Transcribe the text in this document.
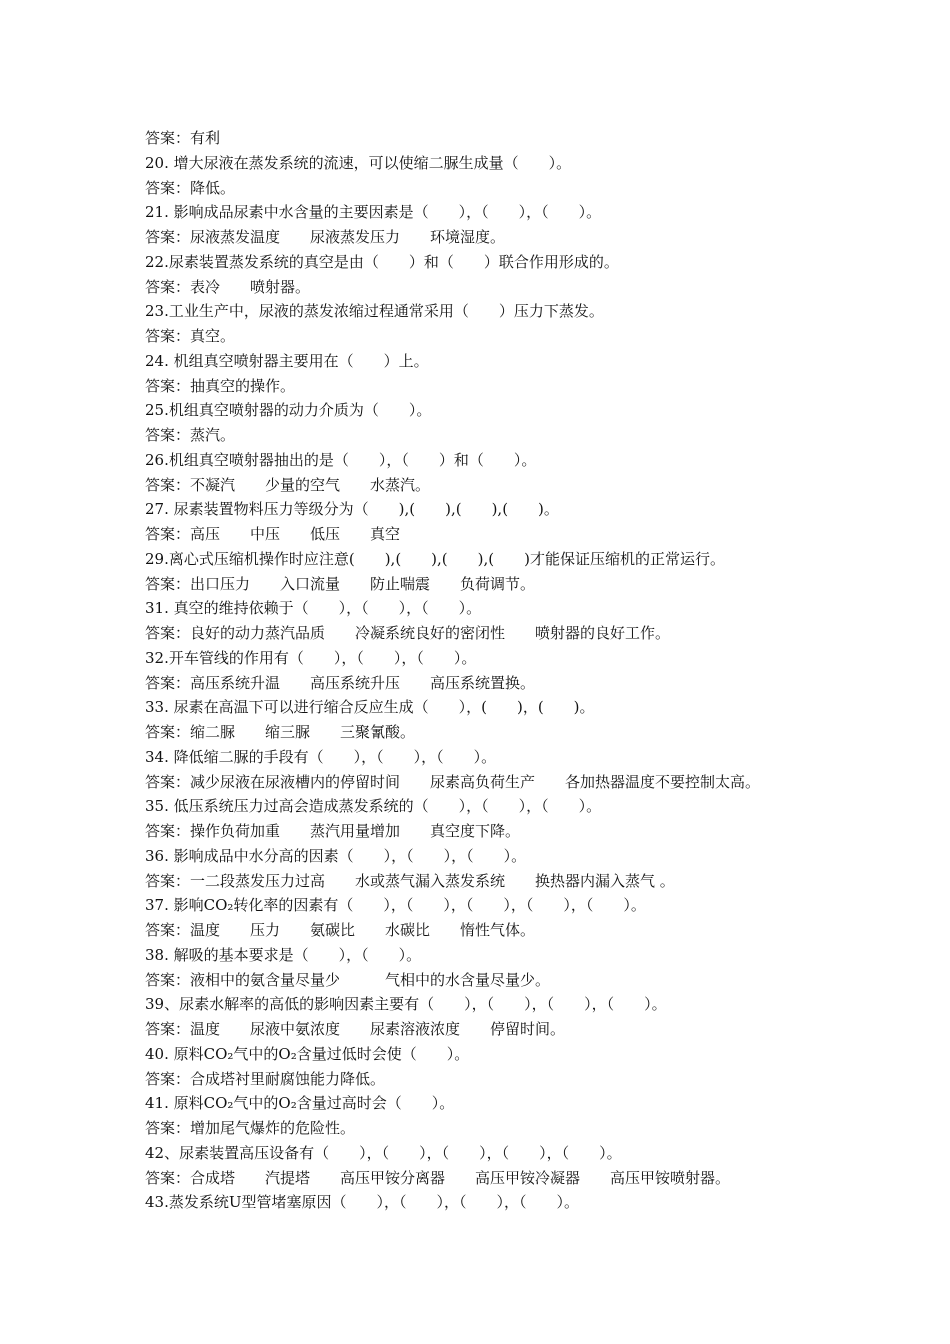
答案：有利
20. 增大尿液在蒸发系统的流速，可以使缩二脲生成量（　　）。
答案：降低。
21. 影响成品尿素中水含量的主要因素是（　　），（　　），（　　）。
答案：尿液蒸发温度　　尿液蒸发压力　　环境湿度。
22.尿素装置蒸发系统的真空是由（　　）和（　　）联合作用形成的。
答案：表冷　　喷射器。
23.工业生产中，尿液的蒸发浓缩过程通常采用（　　）压力下蒸发。
答案：真空。
24. 机组真空喷射器主要用在（　　）上。
答案：抽真空的操作。
25.机组真空喷射器的动力介质为（　　）。
答案：蒸汽。
26.机组真空喷射器抽出的是（　　），（　　）和（　　）。
答案：不凝汽　　少量的空气　　水蒸汽。
27. 尿素装置物料压力等级分为（　　),(　　),(　　),(　　)。
答案：高压　　中压　　低压　　真空
29.离心式压缩机操作时应注意(　　),(　　),(　　),(　　)才能保证压缩机的正常运行。
答案：出口压力　　入口流量　　防止喘震　　负荷调节。
31. 真空的维持依赖于（　　），（　　），（　　）。
答案：良好的动力蒸汽品质　　冷凝系统良好的密闭性　　喷射器的良好工作。
32.开车管线的作用有（　　），（　　），（　　）。
答案：高压系统升温　　高压系统升压　　高压系统置换。
33. 尿素在高温下可以进行缩合反应生成（　　），(　　)，(　　)。
答案：缩二脲　　缩三脲　　三聚氰酸。
34. 降低缩二脲的手段有（　　），（　　），（　　）。
答案：减少尿液在尿液槽内的停留时间　　尿素高负荷生产　　各加热器温度不要控制太高。
35. 低压系统压力过高会造成蒸发系统的（　　），（　　），（　　）。
答案：操作负荷加重　　蒸汽用量增加　　真空度下降。
36. 影响成品中水分高的因素（　　），（　　），（　　）。
答案：一二段蒸发压力过高　　水或蒸气漏入蒸发系统　　换热器内漏入蒸气 。
37. 影响CO₂转化率的因素有（　　），（　　），（　　），（　　），（　　）。
答案：温度　　压力　　氨碳比　　水碳比　　惰性气体。
38. 解吸的基本要求是（　　），（　　）。
答案：液相中的氨含量尽量少　　　气相中的水含量尽量少。
39、尿素水解率的高低的影响因素主要有（　　），（　　），（　　），（　　）。
答案：温度　　尿液中氨浓度　　尿素溶液浓度　　停留时间。
40. 原料CO₂气中的O₂含量过低时会使（　　）。
答案：合成塔衬里耐腐蚀能力降低。
41. 原料CO₂气中的O₂含量过高时会（　　）。
答案：增加尾气爆炸的危险性。
42、尿素装置高压设备有（　　），（　　），（　　），（　　），（　　）。
答案：合成塔　　汽提塔　　高压甲铵分离器　　高压甲铵冷凝器　　高压甲铵喷射器。
43.蒸发系统U型管堵塞原因（　　），（　　），（　　），（　　）。
